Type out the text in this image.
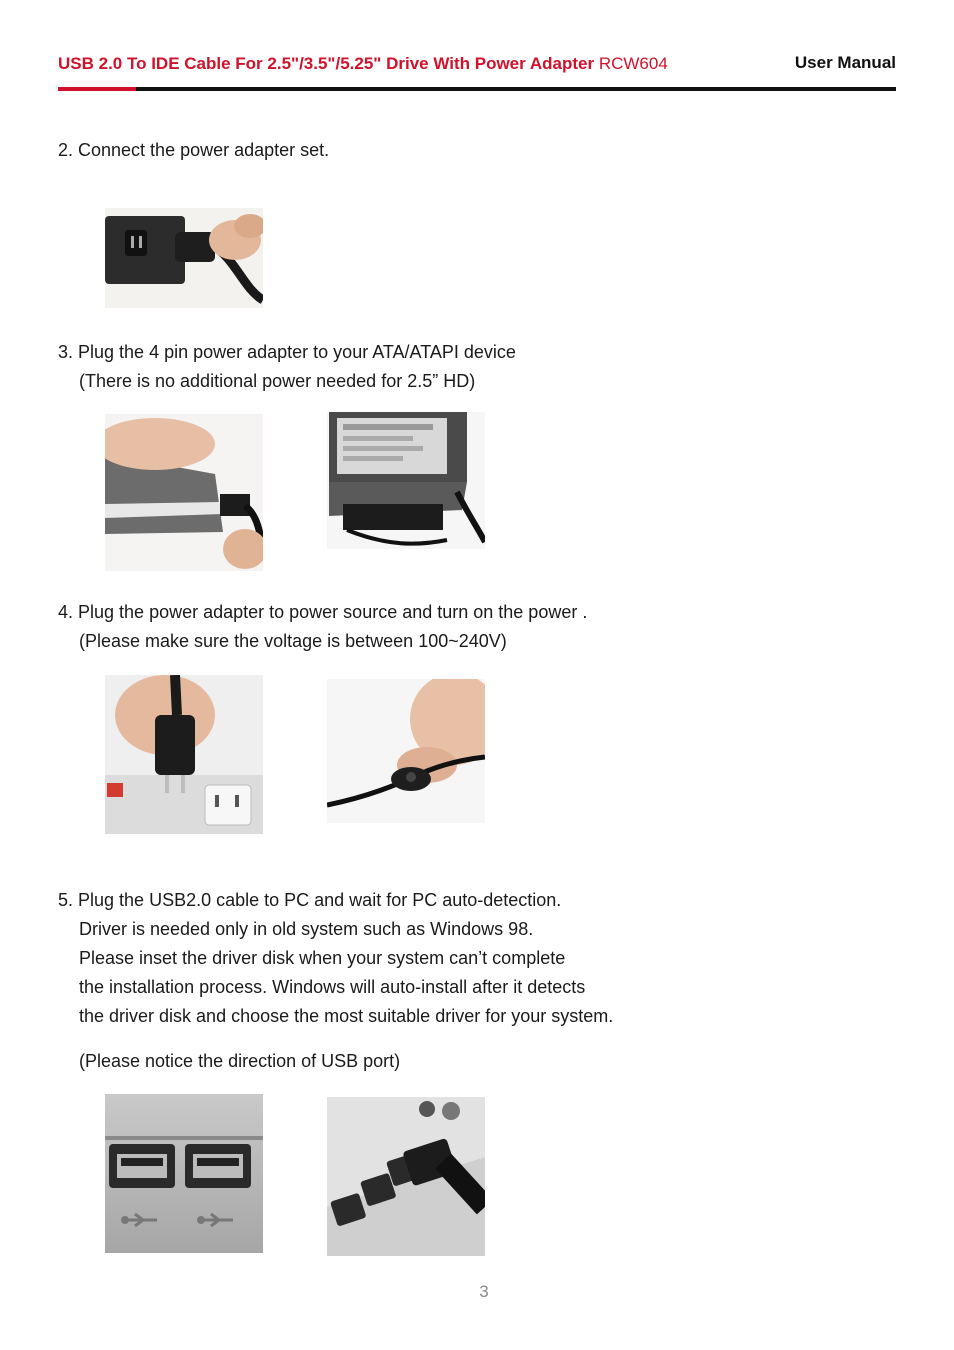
USB 2.0 To IDE Cable For 2.5"/3.5"/5.25" Drive With Power Adapter RCW604	User Manual
2. Connect the power adapter set.
3. Plug the 4 pin power adapter to your ATA/ATAPI device
(There is no additional power needed for 2.5” HD)
4. Plug the power adapter to power source and turn on the power .
(Please make sure the voltage is between 100~240V)
5. Plug the USB2.0 cable to PC and wait for PC auto-detection.
Driver is needed only in old system such as Windows 98.
Please inset the driver disk when your system can’t complete
the installation process. Windows will auto-install after it detects
the driver disk and choose the most suitable driver for your system.
(Please notice the direction of USB port)
3
